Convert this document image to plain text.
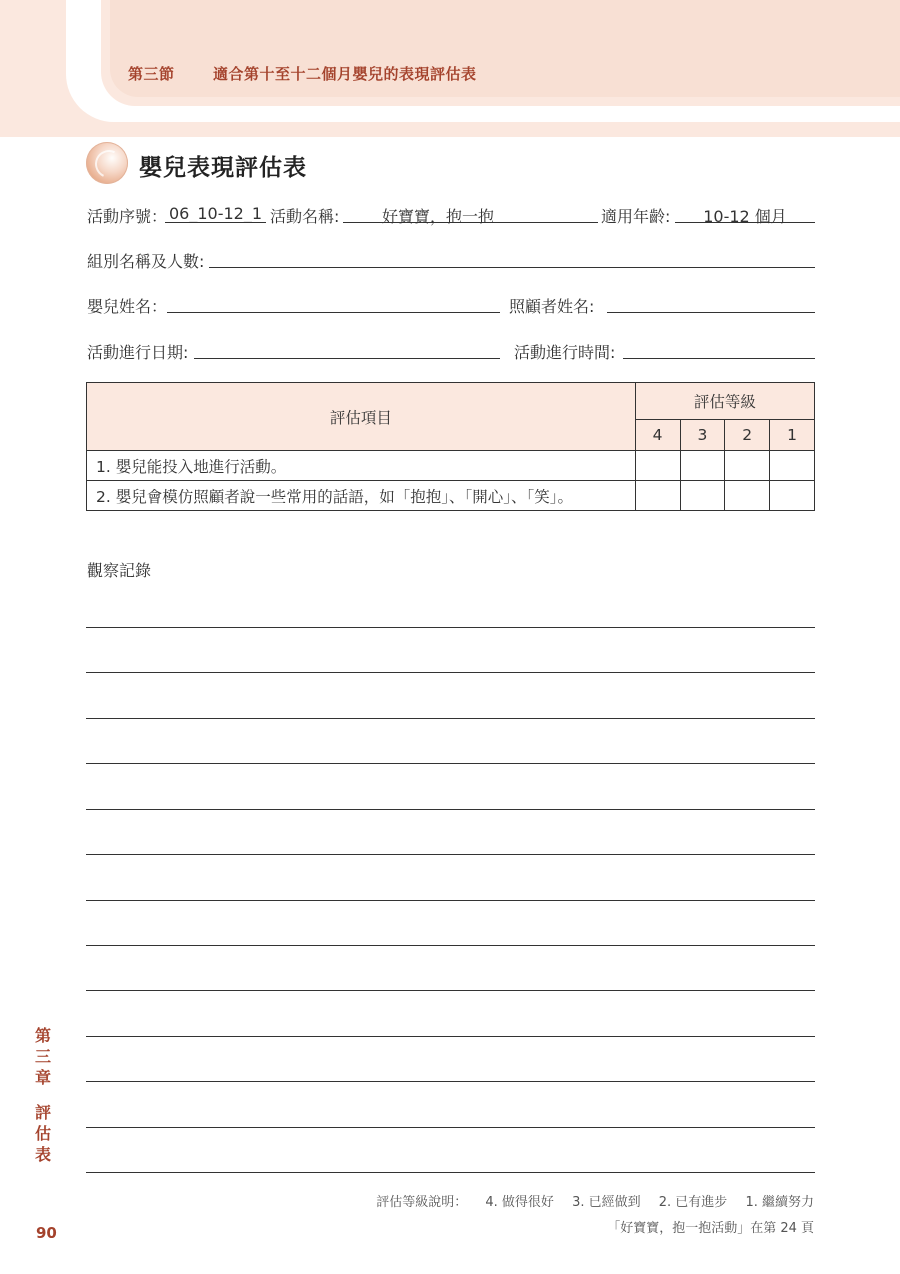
第三節	適合第十至十二個月嬰兒的表現評估表
嬰兒表現評估表
活動序號： 06_10-12_1 活動名稱:	好寶寶，抱一抱	適用年齡:	10-12 個月
組別名稱及人數:
嬰兒姓名：	照顧者姓名:
活動進行日期:	活動進行時間:
評估項目	評估等級			
	4	3	2	1
1. 嬰兒能投入地進行活動。				
2. 嬰兒會模仿照顧者說一些常用的話語，如「抱抱」、「開心」、「笑」。				
觀察記錄
第
三
章
評
估
表
90
評估等級說明： 4. 做得很好 3. 已經做到 2. 已有進步 1. 繼續努力
「好寶寶，抱一抱活動」在第 24 頁
